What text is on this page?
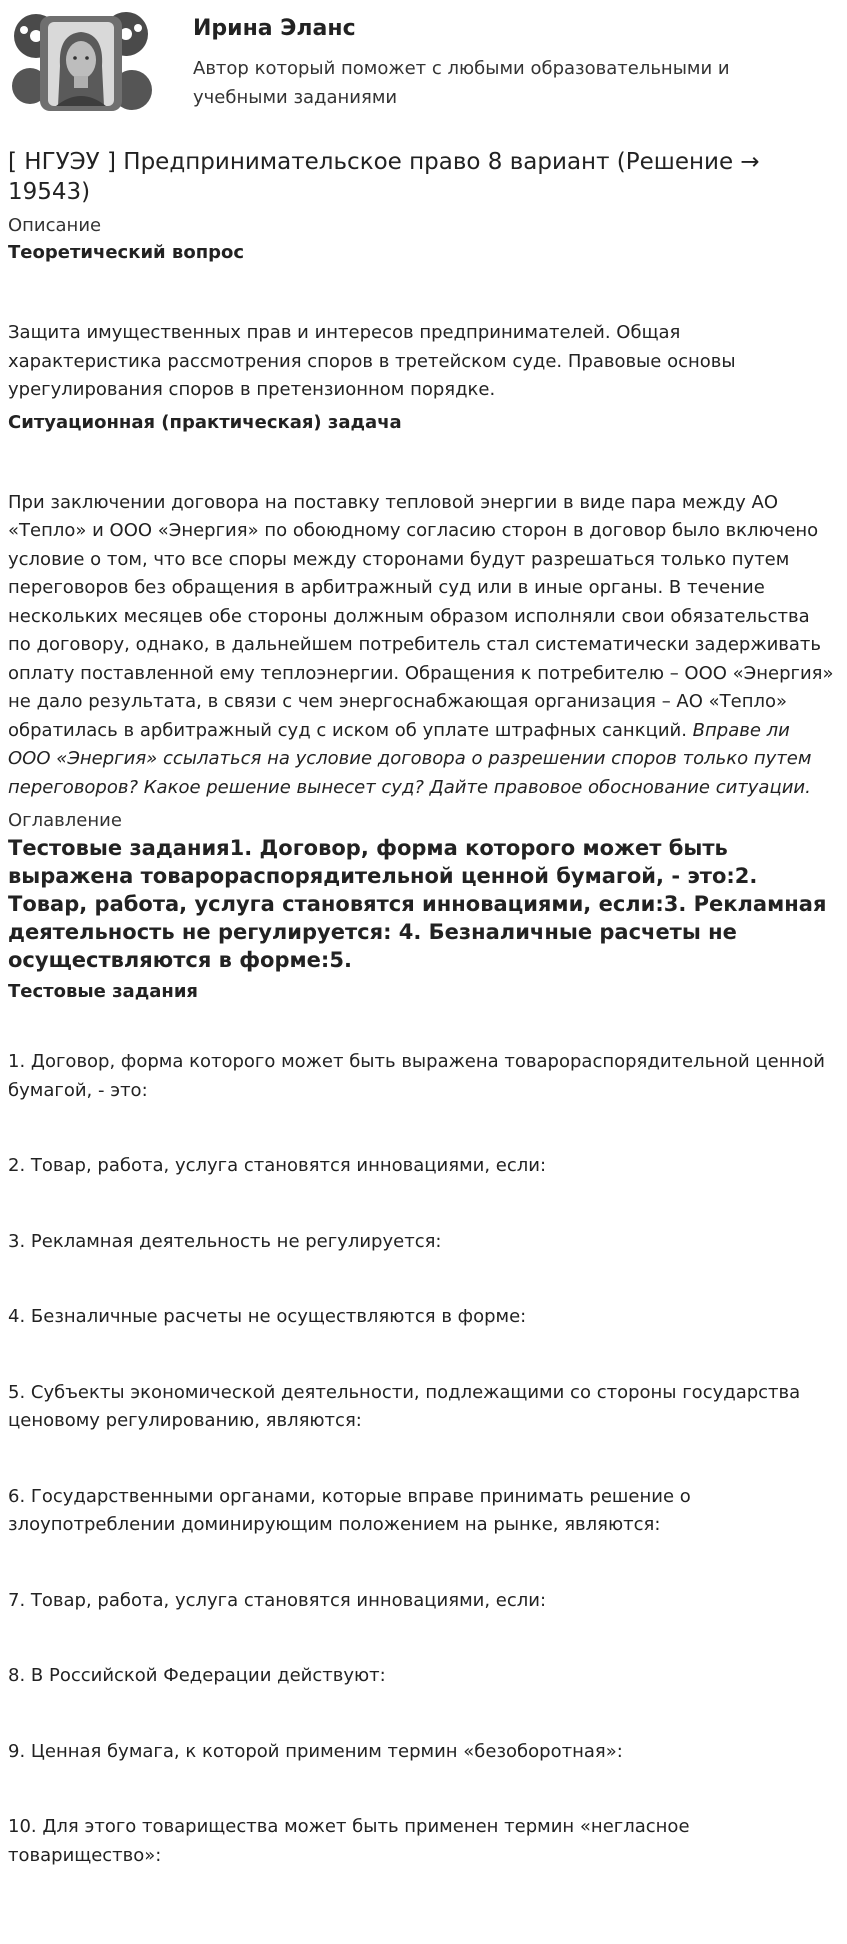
Ирина Эланс
Автор который поможет с любыми образовательными и учебными заданиями
[ НГУЭУ ] Предпринимательское право 8 вариант (Решение → 19543)
Описание
Теоретический вопрос

Защита имущественных прав и интересов предпринимателей. Общая характеристика рассмотрения споров в третейском суде. Правовые основы урегулирования споров в претензионном порядке.

Ситуационная (практическая) задача

При заключении договора на поставку тепловой энергии в виде пара между АО «Тепло» и ООО «Энергия» по обоюдному согласию сторон в договор было включено условие о том, что все споры между сторонами будут разрешаться только путем переговоров без обращения в арбитражный суд или в иные органы. В течение нескольких месяцев обе стороны должным образом исполняли свои обязательства по договору, однако, в дальнейшем потребитель стал систематически задерживать оплату поставленной ему теплоэнергии. Обращения к потребителю – ООО «Энергия» не дало результата, в связи с чем энергоснабжающая организация – АО «Тепло» обратилась в арбитражный суд с иском об уплате штрафных санкций. Вправе ли ООО «Энергия» ссылаться на условие договора о разрешении споров только путем переговоров? Какое решение вынесет суд? Дайте правовое обоснование ситуации.

Оглавление
Тестовые задания1. Договор, форма которого может быть выражена товарораспорядительной ценной бумагой, - это:2. Товар, работа, услуга становятся инновациями, если:3. Рекламная деятельность не регулируется: 4. Безналичные расчеты не осуществляются в форме:5.
Тестовые задания

1. Договор, форма которого может быть выражена товарораспорядительной ценной бумагой, - это:

2. Товар, работа, услуга становятся инновациями, если:

3. Рекламная деятельность не регулируется:

4. Безналичные расчеты не осуществляются в форме:

5. Субъекты экономической деятельности, подлежащими со стороны государства ценовому регулированию, являются:

6. Государственными органами, которые вправе принимать решение о злоупотреблении доминирующим положением на рынке, являются:

7. Товар, работа, услуга становятся инновациями, если:

8. В Российской Федерации действуют:

9. Ценная бумага, к которой применим термин «безоборотная»:

10. Для этого товарищества может быть применен термин «негласное товарищество»:
